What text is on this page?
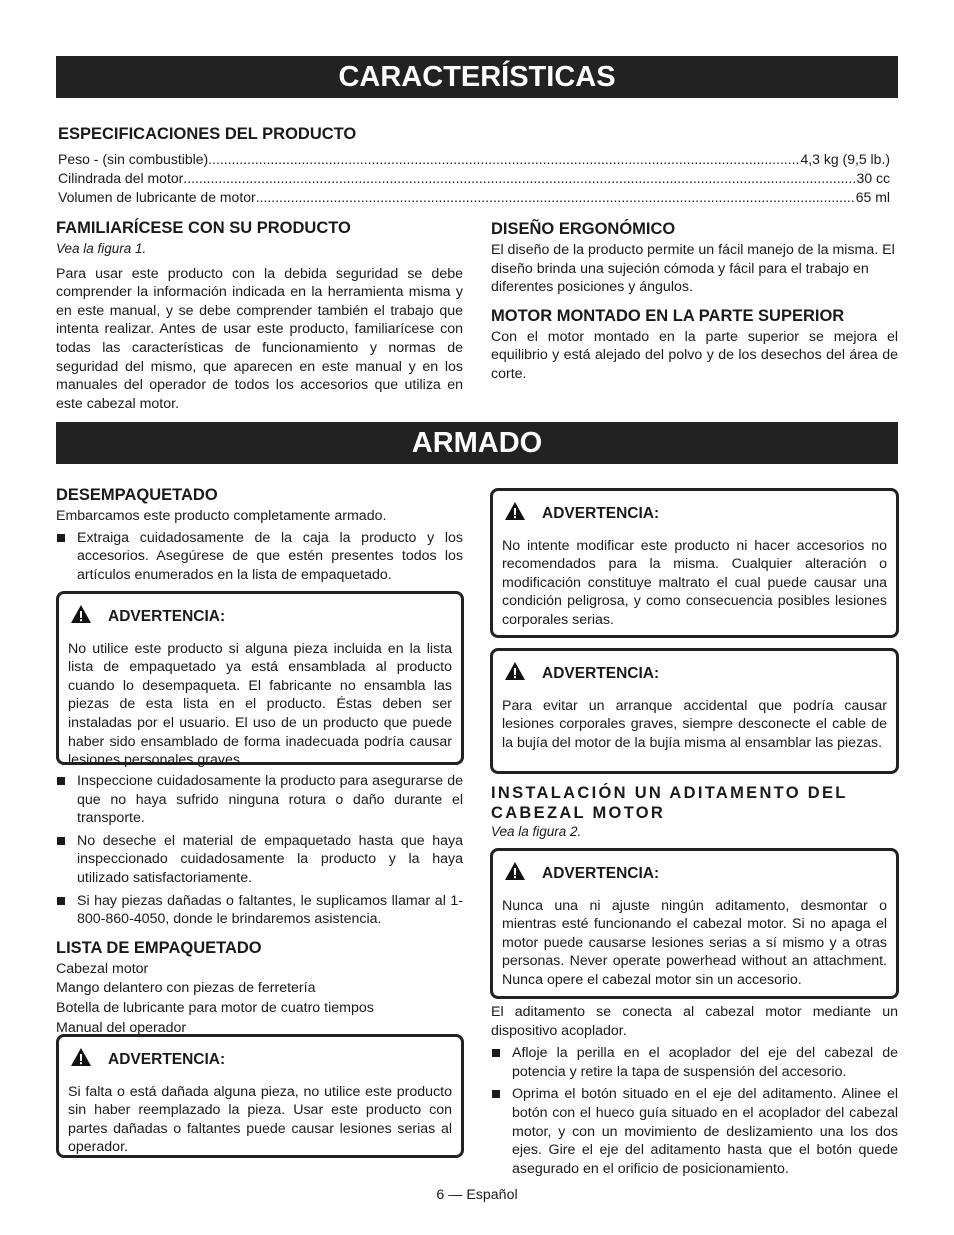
CARACTERÍSTICAS
ESPECIFICACIONES DEL PRODUCTO
Peso - (sin combustible) .....	4,3 kg (9,5 lb.)
Cilindrada del motor .....	30 cc
Volumen de lubricante de motor .....	65 ml
FAMILIARÍCESE CON SU PRODUCTO
Vea la figura 1.

Para usar este producto con la debida seguridad se debe comprender la información indicada en la herramienta misma y en este manual, y se debe comprender también el trabajo que intenta realizar. Antes de usar este producto, familiarícese con todas las características de funcionamiento y normas de seguridad del mismo, que aparecen en este manual y en los manuales del operador de todos los accesorios que utiliza en este cabezal motor.

DISEÑO ERGONÓMICO

El diseño de la producto permite un fácil manejo de la misma. El diseño brinda una sujeción cómoda y fácil para el trabajo en diferentes posiciones y ángulos.

MOTOR MONTADO EN LA PARTE SUPERIOR

Con el motor montado en la parte superior se mejora el equilibrio y está alejado del polvo y de los desechos del área de corte.

ARMADO
DESEMPAQUETADO

Embarcamos este producto completamente armado.

Extraiga cuidadosamente de la caja la producto y los accesorios. Asegúrese de que estén presentes todos los artículos enumerados en la lista de empaquetado.

ADVERTENCIA:

No utilice este producto si alguna pieza incluida en la lista lista de empaquetado ya está ensamblada al producto cuando lo desempaqueta. El fabricante no ensambla las piezas de esta lista en el producto. Éstas deben ser instaladas por el usuario. El uso de un producto que puede haber sido ensamblado de forma inadecuada podría causar lesiones personales graves.

Inspeccione cuidadosamente la producto para asegurarse de que no haya sufrido ninguna rotura o daño durante el transporte.

No deseche el material de empaquetado hasta que haya inspeccionado cuidadosamente la producto y la haya utilizado satisfactoriamente.

Si hay piezas dañadas o faltantes, le suplicamos llamar al 1-800-860-4050, donde le brindaremos asistencia.

LISTA DE EMPAQUETADO

Cabezal motor

Mango delantero con piezas de ferretería

Botella de lubricante para motor de cuatro tiempos

Manual del operador

ADVERTENCIA:

Si falta o está dañada alguna pieza, no utilice este producto sin haber reemplazado la pieza. Usar este producto con partes dañadas o faltantes puede causar lesiones serias al operador.

ADVERTENCIA:

No intente modificar este producto ni hacer accesorios no recomendados para la misma. Cualquier alteración o modificación constituye maltrato el cual puede causar una condición peligrosa, y como consecuencia posibles lesiones corporales serias.

ADVERTENCIA:

Para evitar un arranque accidental que podría causar lesiones corporales graves, siempre desconecte el cable de la bujía del motor de la bujía misma al ensamblar las piezas.

INSTALACIÓN UN ADITAMENTO DEL CABEZAL MOTOR
Vea la figura 2.
ADVERTENCIA:

Nunca una ni ajuste ningún aditamento, desmontar o mientras esté funcionando el cabezal motor. Si no apaga el motor puede causarse lesiones serias a sí mismo y a otras personas. Never operate powerhead without an attachment. Nunca opere el cabezal motor sin un accesorio.

El aditamento se conecta al cabezal motor mediante un dispositivo acoplador.

Afloje la perilla en el acoplador del eje del cabezal de potencia y retire la tapa de suspensión del accesorio.

Oprima el botón situado en el eje del aditamento. Alinee el botón con el hueco guía situado en el acoplador del cabezal motor, y con un movimiento de deslizamiento una los dos ejes. Gire el eje del aditamento hasta que el botón quede asegurado en el orificio de posicionamiento.

6 — Español
